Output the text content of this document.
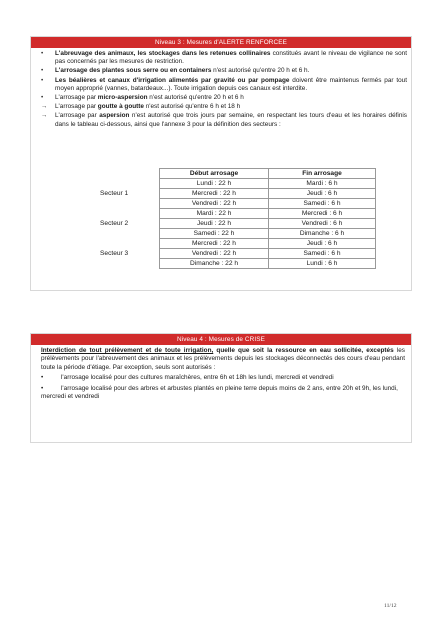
Niveau 3 : Mesures d'ALERTE RENFORCEE
• L'abreuvage des animaux, les stockages dans les retenues collinaires constitués avant le niveau de vigilance ne sont pas concernés par les mesures de restriction.
• L'arrosage des plantes sous serre ou en containers n'est autorisé qu'entre 20 h et 6 h.
• Les béalières et canaux d'irrigation alimentés par gravité ou par pompage doivent être maintenus fermés par tout moyen approprié (vannes, batardeaux...). Toute irrigation depuis ces canaux est interdite.
• L'arrosage par micro-aspersion n'est autorisé qu'entre 20 h et 6 h
→ L'arrosage par goutte à goutte n'est autorisé qu'entre 6 h et 18 h
→ L'arrosage par aspersion n'est autorisé que trois jours par semaine, en respectant les tours d'eau et les horaires définis dans le tableau ci-dessous, ainsi que l'annexe 3 pour la définition des secteurs :
	Début arrosage	Fin arrosage
Secteur 1	Lundi : 22 h	Mardi : 6 h
	Mercredi : 22 h	Jeudi : 6 h
	Vendredi : 22 h	Samedi : 6 h
Secteur 2	Mardi : 22 h	Mercredi : 6 h
	Jeudi : 22 h	Vendredi : 6 h
	Samedi : 22 h	Dimanche : 6 h
Secteur 3	Mercredi : 22 h	Jeudi : 6 h
	Vendredi : 22 h	Samedi : 6 h
	Dimanche : 22 h	Lundi : 6 h
Niveau 4 : Mesures de CRISE

Interdiction de tout prélèvement et de toute irrigation, quelle que soit la ressource en eau sollicitée, exceptés les prélèvements pour l'abreuvement des animaux et les prélèvements depuis les stockages déconnectés des cours d'eau pendant toute la période d'étiage. Par exception, seuls sont autorisés :

•	l'arrosage localisé pour des cultures maraîchères, entre 6h et 18h les lundi, mercredi et vendredi

•	l'arrosage localisé pour des arbres et arbustes plantés en pleine terre depuis moins de 2 ans, entre 20h et 9h, les lundi, mercredi et vendredi

11/12
